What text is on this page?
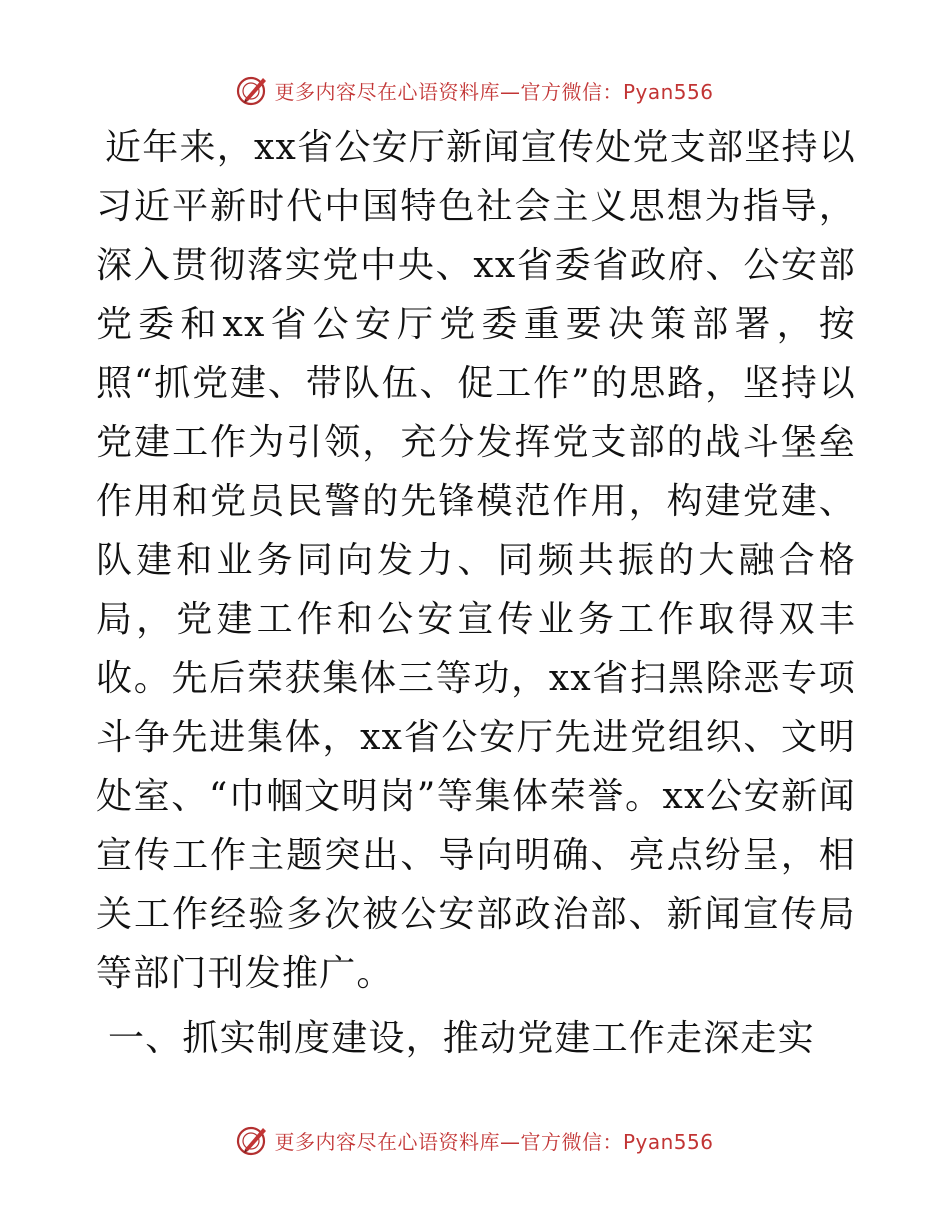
更多内容尽在心语资料库—官方微信：Pyan556

近年来，xx省公安厅新闻宣传处党支部坚持以习近平新时代中国特色社会主义思想为指导，深入贯彻落实党中央、xx省委省政府、公安部党委和xx省公安厅党委重要决策部署，按照“抓党建、带队伍、促工作”的思路，坚持以党建工作为引领，充分发挥党支部的战斗堡垒作用和党员民警的先锋模范作用，构建党建、队建和业务同向发力、同频共振的大融合格局，党建工作和公安宣传业务工作取得双丰收。先后荣获集体三等功，xx省扫黑除恶专项斗争先进集体，xx省公安厅先进党组织、文明处室、“巾帼文明岗”等集体荣誉。xx公安新闻宣传工作主题突出、导向明确、亮点纷呈，相关工作经验多次被公安部政治部、新闻宣传局等部门刊发推广。

一、抓实制度建设，推动党建工作走深走实
更多内容尽在心语资料库—官方微信：Pyan556
